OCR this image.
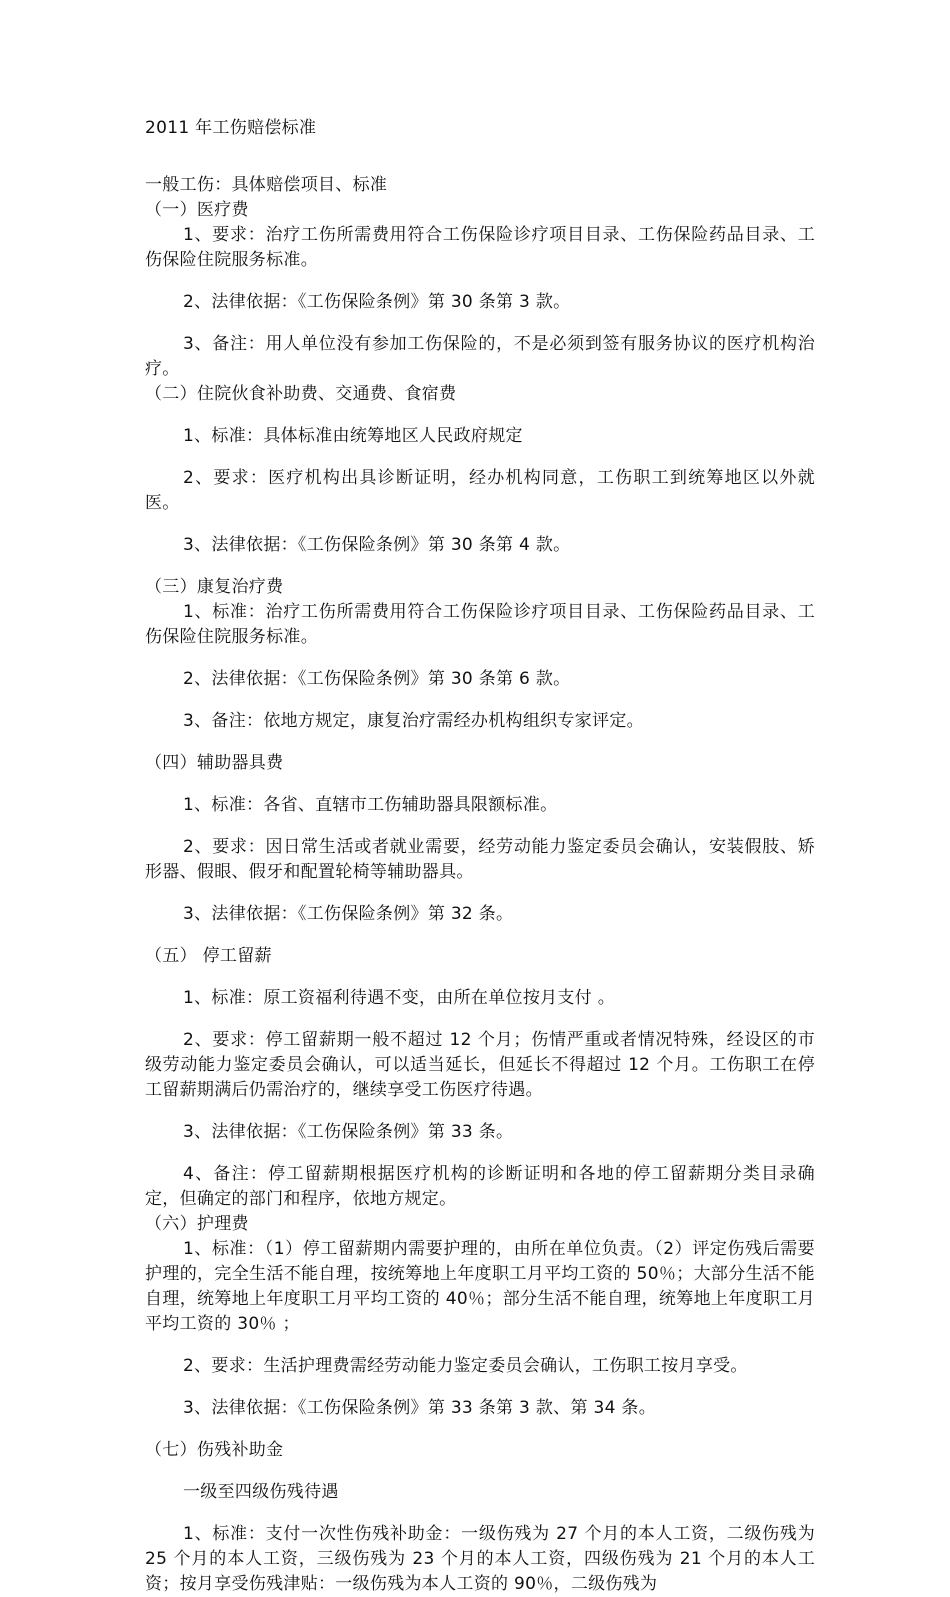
2011 年工伤赔偿标准

一般工伤：具体赔偿项目、标准

（一）医疗费

1、要求：治疗工伤所需费用符合工伤保险诊疗项目目录、工伤保险药品目录、工伤保险住院服务标准。

2、法律依据：《工伤保险条例》第 30 条第 3 款。

3、备注：用人单位没有参加工伤保险的，不是必须到签有服务协议的医疗机构治疗。

（二）住院伙食补助费、交通费、食宿费

1、标准：具体标准由统筹地区人民政府规定

2、要求：医疗机构出具诊断证明，经办机构同意，工伤职工到统筹地区以外就医。

3、法律依据：《工伤保险条例》第 30 条第 4 款。

（三）康复治疗费

1、标准：治疗工伤所需费用符合工伤保险诊疗项目目录、工伤保险药品目录、工伤保险住院服务标准。

2、法律依据：《工伤保险条例》第 30 条第 6 款。

3、备注：依地方规定，康复治疗需经办机构组织专家评定。

（四）辅助器具费

1、标准：各省、直辖市工伤辅助器具限额标准。

2、要求：因日常生活或者就业需要，经劳动能力鉴定委员会确认，安装假肢、矫形器、假眼、假牙和配置轮椅等辅助器具。

3、法律依据：《工伤保险条例》第 32 条。

（五） 停工留薪

1、标准：原工资福利待遇不变，由所在单位按月支付 。

2、要求：停工留薪期一般不超过 12 个月；伤情严重或者情况特殊，经设区的市级劳动能力鉴定委员会确认，可以适当延长，但延长不得超过 12 个月。工伤职工在停工留薪期满后仍需治疗的，继续享受工伤医疗待遇。

3、法律依据：《工伤保险条例》第 33 条。

4、备注：停工留薪期根据医疗机构的诊断证明和各地的停工留薪期分类目录确定，但确定的部门和程序，依地方规定。

（六）护理费

1、标准：（1）停工留薪期内需要护理的，由所在单位负责。（2）评定伤残后需要护理的，完全生活不能自理，按统筹地上年度职工月平均工资的 50％；大部分生活不能自理，统筹地上年度职工月平均工资的 40％；部分生活不能自理，统筹地上年度职工月平均工资的 30％ ；

2、要求：生活护理费需经劳动能力鉴定委员会确认，工伤职工按月享受。

3、法律依据：《工伤保险条例》第 33 条第 3 款、第 34 条。

（七）伤残补助金

一级至四级伤残待遇

1、标准：支付一次性伤残补助金：一级伤残为 27 个月的本人工资，二级伤残为 25 个月的本人工资，三级伤残为 23 个月的本人工资，四级伤残为 21 个月的本人工资；按月享受伤残津贴：一级伤残为本人工资的 90％，二级伤残为
